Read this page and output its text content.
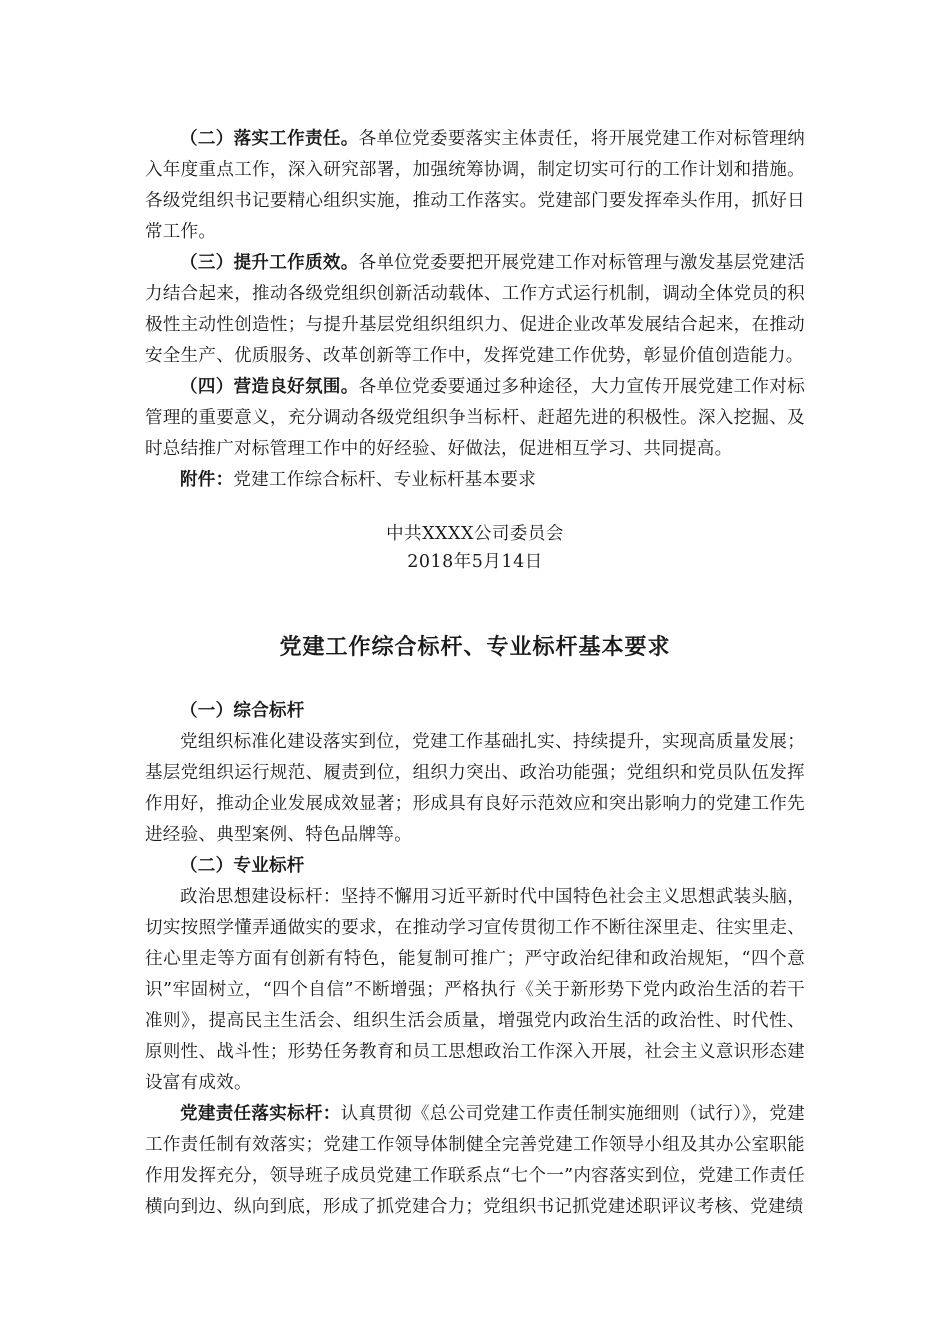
（二）落实工作责任。各单位党委要落实主体责任，将开展党建工作对标管理纳入年度重点工作，深入研究部署，加强统筹协调，制定切实可行的工作计划和措施。各级党组织书记要精心组织实施，推动工作落实。党建部门要发挥牵头作用，抓好日常工作。

（三）提升工作质效。各单位党委要把开展党建工作对标管理与激发基层党建活力结合起来，推动各级党组织创新活动载体、工作方式运行机制，调动全体党员的积极性主动性创造性；与提升基层党组织组织力、促进企业改革发展结合起来，在推动安全生产、优质服务、改革创新等工作中，发挥党建工作优势，彰显价值创造能力。

（四）营造良好氛围。各单位党委要通过多种途径，大力宣传开展党建工作对标管理的重要意义，充分调动各级党组织争当标杆、赶超先进的积极性。深入挖掘、及时总结推广对标管理工作中的好经验、好做法，促进相互学习、共同提高。

附件：党建工作综合标杆、专业标杆基本要求

中共XXXX公司委员会
2018年5月14日
党建工作综合标杆、专业标杆基本要求

（一）综合标杆

党组织标准化建设落实到位，党建工作基础扎实、持续提升，实现高质量发展；基层党组织运行规范、履责到位，组织力突出、政治功能强；党组织和党员队伍发挥作用好，推动企业发展成效显著；形成具有良好示范效应和突出影响力的党建工作先进经验、典型案例、特色品牌等。

（二）专业标杆

政治思想建设标杆：坚持不懈用习近平新时代中国特色社会主义思想武装头脑，切实按照学懂弄通做实的要求，在推动学习宣传贯彻工作不断往深里走、往实里走、往心里走等方面有创新有特色，能复制可推广；严守政治纪律和政治规矩，“四个意识”牢固树立，“四个自信”不断增强；严格执行《关于新形势下党内政治生活的若干准则》，提高民主生活会、组织生活会质量，增强党内政治生活的政治性、时代性、原则性、战斗性；形势任务教育和员工思想政治工作深入开展，社会主义意识形态建设富有成效。

党建责任落实标杆：认真贯彻《总公司党建工作责任制实施细则（试行）》，党建工作责任制有效落实；党建工作领导体制健全完善党建工作领导小组及其办公室职能作用发挥充分，领导班子成员党建工作联系点“七个一”内容落实到位，党建工作责任横向到边、纵向到底，形成了抓党建合力；党组织书记抓党建述职评议考核、党建绩
